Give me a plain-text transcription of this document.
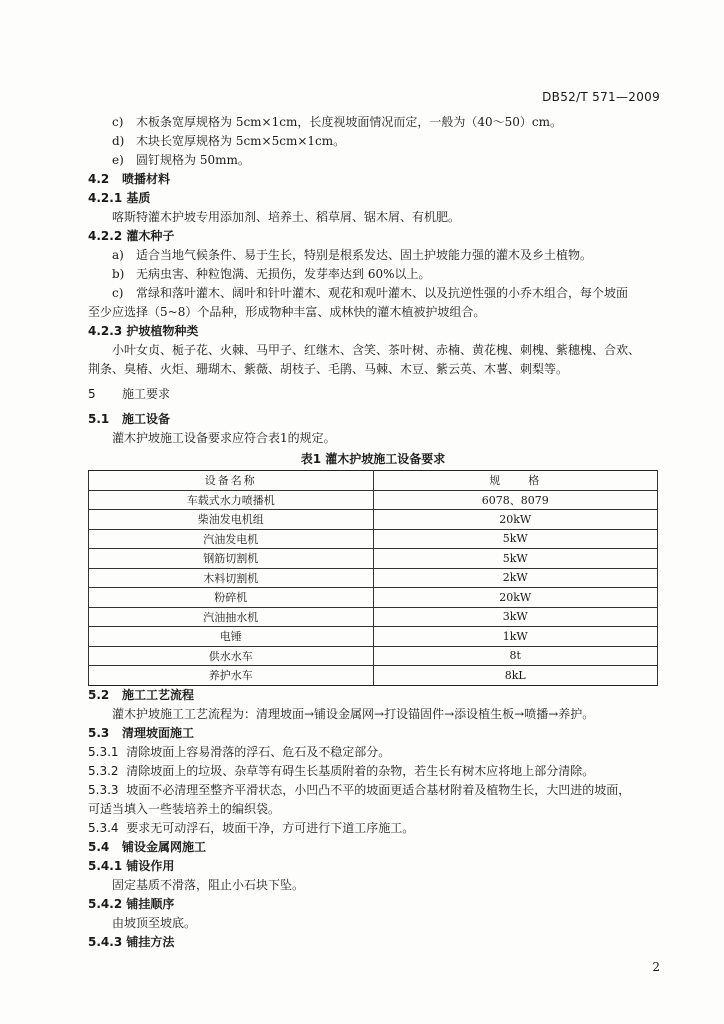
DB52/T 571—2009
c) 木板条宽厚规格为 5cm×1cm，长度视坡面情况而定，一般为（40～50）cm。
d) 木块长宽厚规格为 5cm×5cm×1cm。
e) 圆钉规格为 50mm。
4.2 喷播材料
4.2.1 基质
喀斯特灌木护坡专用添加剂、培养土、稻草屑、锯木屑、有机肥。
4.2.2 灌木种子
a) 适合当地气候条件、易于生长，特别是根系发达、固土护坡能力强的灌木及乡土植物。
b) 无病虫害、种粒饱满、无损伤，发芽率达到 60%以上。
c) 常绿和落叶灌木、阔叶和针叶灌木、观花和观叶灌木、以及抗逆性强的小乔木组合，每个坡面
至少应选择（5~8）个品种，形成物种丰富、成林快的灌木植被护坡组合。
4.2.3 护坡植物种类
小叶女贞、栀子花、火棘、马甲子、红继木、含笑、茶叶树、赤楠、黄花槐、刺槐、紫穗槐、合欢、
荆条、臭椿、火炬、珊瑚木、紫薇、胡枝子、毛鹃、马棘、木豆、紫云英、木薯、刺梨等。
5 施工要求
5.1 施工设备
灌木护坡施工设备要求应符合表1的规定。
表1 灌木护坡施工设备要求
设备名称	规　　格
车载式水力喷播机	6078、8079
柴油发电机组	20kW
汽油发电机	5kW
钢筋切割机	5kW
木料切割机	2kW
粉碎机	20kW
汽油抽水机	3kW
电锤	1kW
供水水车	8t
养护水车	8kL
5.2 施工工艺流程
灌木护坡施工工艺流程为：清理坡面→铺设金属网→打设锚固件→添设植生板→喷播→养护。
5.3 清理坡面施工
5.3.1 清除坡面上容易滑落的浮石、危石及不稳定部分。
5.3.2 清除坡面上的垃圾、杂草等有碍生长基质附着的杂物，若生长有树木应将地上部分清除。
5.3.3 坡面不必清理至整齐平滑状态，小凹凸不平的坡面更适合基材附着及植物生长，大凹进的坡面，
可适当填入一些装培养土的编织袋。
5.3.4 要求无可动浮石，坡面干净，方可进行下道工序施工。
5.4 铺设金属网施工
5.4.1 铺设作用
固定基质不滑落，阻止小石块下坠。
5.4.2 铺挂顺序
由坡顶至坡底。
5.4.3 铺挂方法
2
